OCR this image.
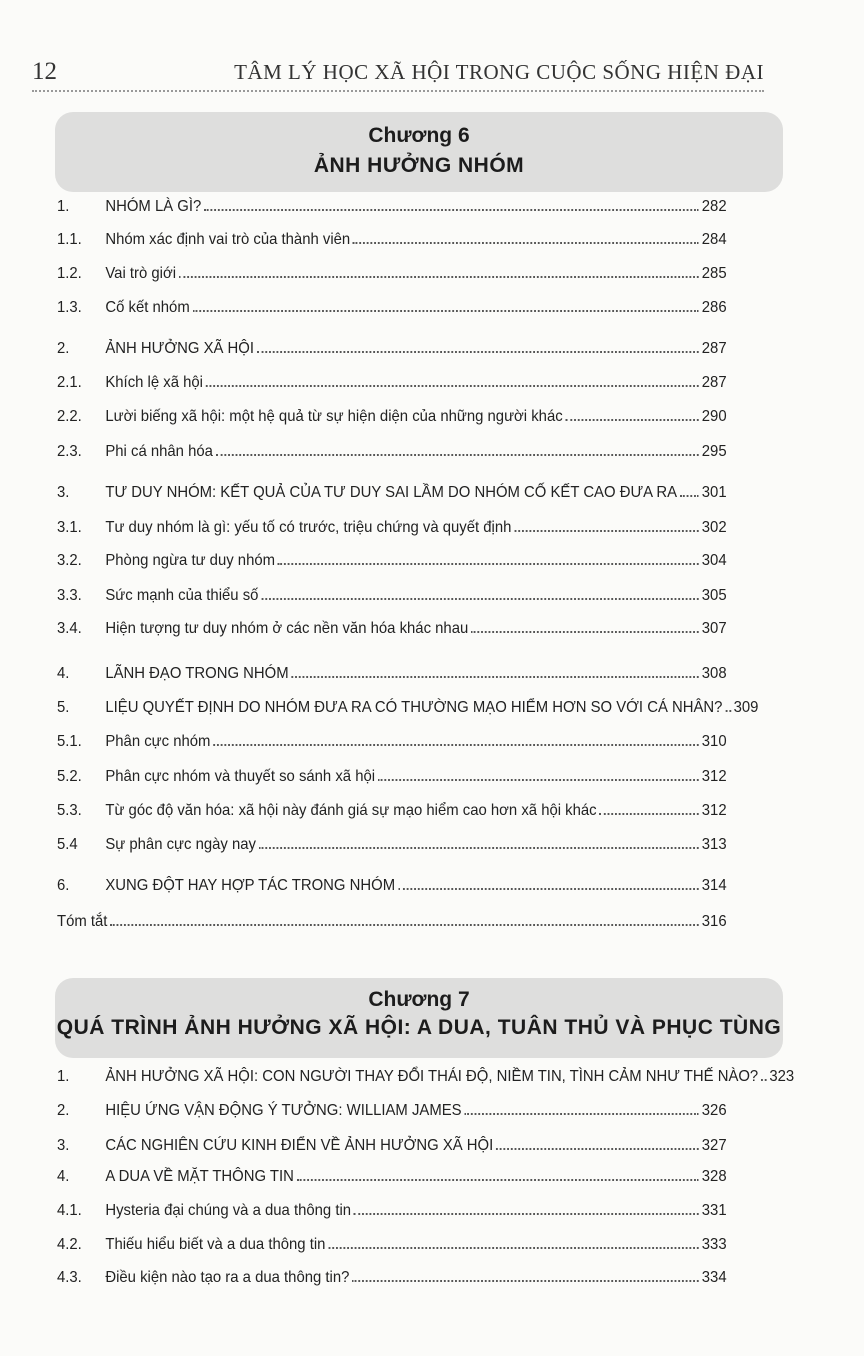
12	TÂM LÝ HỌC XÃ HỘI TRONG CUỘC SỐNG HIỆN ĐẠI
Chương 6
ẢNH HƯỞNG NHÓM
1.	NHÓM LÀ GÌ?	282
1.1.	Nhóm xác định vai trò của thành viên	284
1.2.	Vai trò giới	285
1.3.	Cố kết nhóm	286
2.	ẢNH HƯỞNG XÃ HỘI	287
2.1.	Khích lệ xã hội	287
2.2.	Lười biếng xã hội: một hệ quả từ sự hiện diện của những người khác	290
2.3.	Phi cá nhân hóa	295
3.	TƯ DUY NHÓM: KẾT QUẢ CỦA TƯ DUY SAI LẦM DO NHÓM CỐ KẾT CAO ĐƯA RA 301
3.1.	Tư duy nhóm là gì: yếu tố có trước, triệu chứng và quyết định	302
3.2.	Phòng ngừa tư duy nhóm	304
3.3.	Sức mạnh của thiểu số	305
3.4.	Hiện tượng tư duy nhóm ở các nền văn hóa khác nhau	307
4.	LÃNH ĐẠO TRONG NHÓM	308
5.	LIỆU QUYẾT ĐỊNH DO NHÓM ĐƯA RA CÓ THƯỜNG MẠO HIỂM HƠN SO VỚI CÁ NHÂN? 309
5.1.	Phân cực nhóm	310
5.2.	Phân cực nhóm và thuyết so sánh xã hội	312
5.3.	Từ góc độ văn hóa: xã hội này đánh giá sự mạo hiểm cao hơn xã hội khác	312
5.4	Sự phân cực ngày nay	313
6.	XUNG ĐỘT HAY HỢP TÁC TRONG NHÓM	314
Tóm tắt	316
Chương 7
QUÁ TRÌNH ẢNH HƯỞNG XÃ HỘI: A DUA, TUÂN THỦ VÀ PHỤC TÙNG
1.	ẢNH HƯỞNG XÃ HỘI: CON NGƯỜI THAY ĐỔI THÁI ĐỘ, NIỀM TIN, TÌNH CẢM NHƯ THẾ NÀO? 323
2.	HIỆU ỨNG VẬN ĐỘNG Ý TƯỞNG: WILLIAM JAMES	326
3.	CÁC NGHIÊN CỨU KINH ĐIỂN VỀ ẢNH HƯỞNG XÃ HỘI	327
4.	A DUA VỀ MẶT THÔNG TIN	328
4.1.	Hysteria đại chúng và a dua thông tin	331
4.2.	Thiếu hiểu biết và a dua thông tin	333
4.3.	Điều kiện nào tạo ra a dua thông tin?	334
